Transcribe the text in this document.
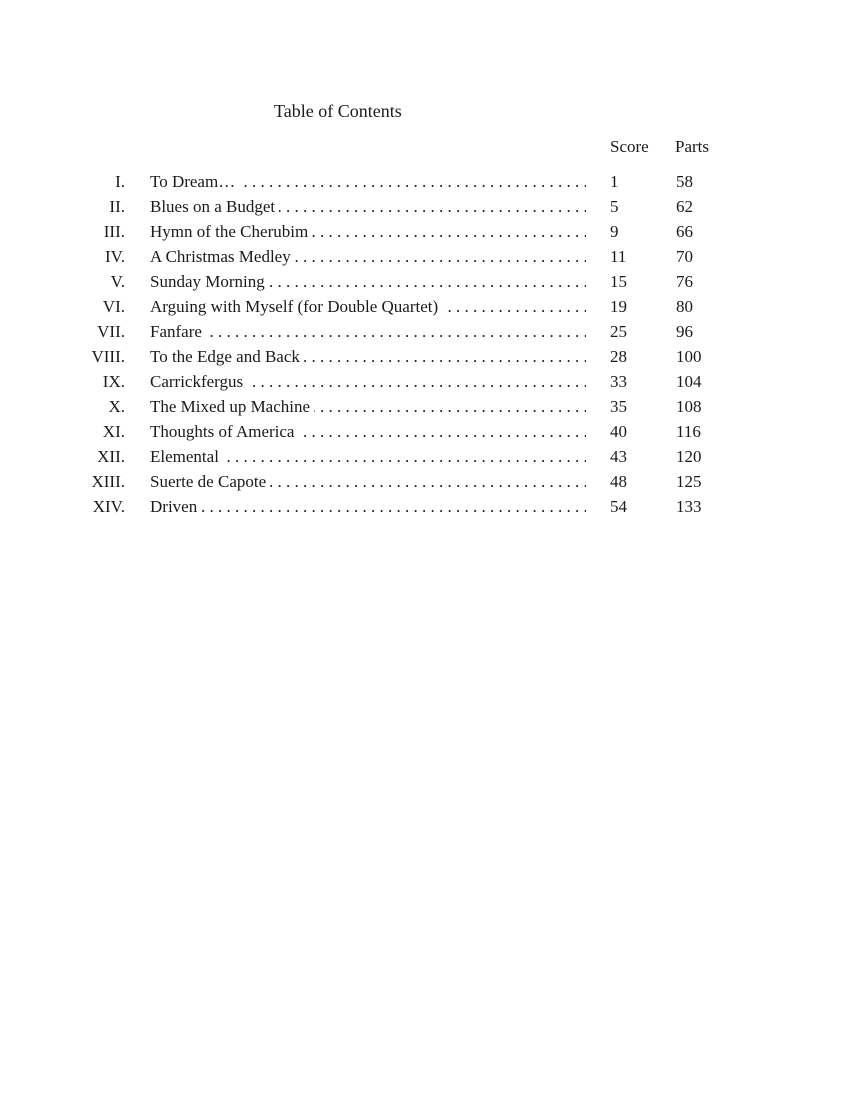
Table of Contents
Score Parts
I. To Dream… . . .	1	58
II. Blues on a Budget . . .	5	62
III. Hymn of the Cherubim . . .	9	66
IV. A Christmas Medley . . .	11	70
V. Sunday Morning . . .	15	76
VI. Arguing with Myself (for Double Quartet) . . .	19	80
VII. Fanfare . . .	25	96
VIII. To the Edge and Back . . .	28	100
IX. Carrickfergus . . .	33	104
X. The Mixed up Machine . . .	35	108
XI. Thoughts of America . . .	40	116
XII. Elemental . . .	43	120
XIII. Suerte de Capote . . .	48	125
XIV. Driven . . .	54	133
